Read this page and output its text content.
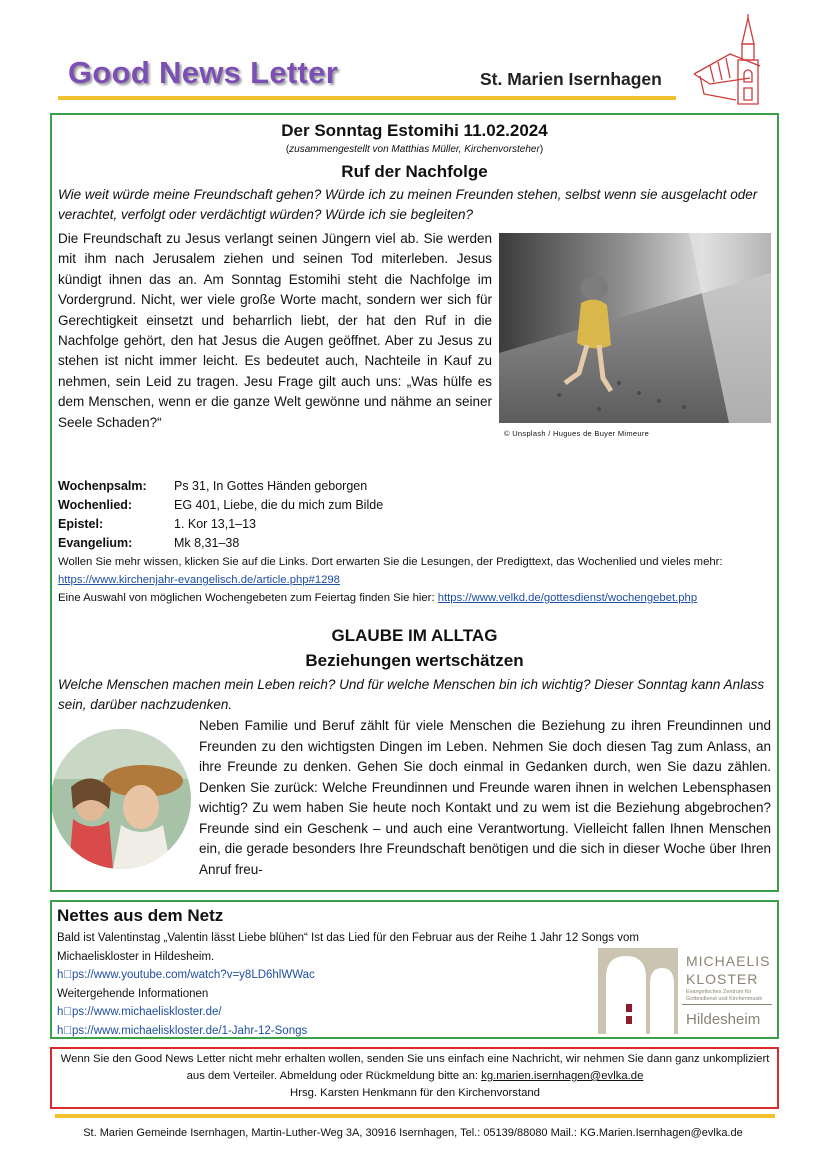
Good News Letter	St. Marien Isernhagen
Der Sonntag Estomihi 11.02.2024
(zusammengestellt von Matthias Müller, Kirchenvorsteher)
Ruf der Nachfolge
Wie weit würde meine Freundschaft gehen? Würde ich zu meinen Freunden stehen, selbst wenn sie ausgelacht oder verachtet, verfolgt oder verdächtigt würden? Würde ich sie begleiten?
Die Freundschaft zu Jesus verlangt seinen Jüngern viel ab. Sie werden mit ihm nach Jerusalem ziehen und seinen Tod miterleben. Jesus kündigt ihnen das an. Am Sonntag Estomihi steht die Nachfolge im Vordergrund. Nicht, wer viele große Worte macht, sondern wer sich für Gerechtigkeit einsetzt und beharrlich liebt, der hat den Ruf in die Nachfolge gehört, den hat Jesus die Augen geöffnet. Aber zu Jesus zu stehen ist nicht immer leicht. Es bedeutet auch, Nachteile in Kauf zu nehmen, sein Leid zu tragen. Jesu Frage gilt auch uns: „Was hülfe es dem Menschen, wenn er die ganze Welt gewönne und nähme an seiner Seele Schaden?“
© Unsplash / Hugues de Buyer Mimeure
Wochenpsalm:	Ps 31, In Gottes Händen geborgen
Wochenlied:	EG 401, Liebe, die du mich zum Bilde
Epistel:	1. Kor 13,1–13
Evangelium:	Mk 8,31–38
Wollen Sie mehr wissen, klicken Sie auf die Links. Dort erwarten Sie die Lesungen, der Predigttext, das Wochenlied und vieles mehr: https://www.kirchenjahr-evangelisch.de/article.php#1298
Eine Auswahl von möglichen Wochengebeten zum Feiertag finden Sie hier: https://www.velkd.de/gottesdienst/wochengebet.php
GLAUBE IM ALLTAG
Beziehungen wertschätzen
Welche Menschen machen mein Leben reich? Und für welche Menschen bin ich wichtig? Dieser Sonntag kann Anlass sein, darüber nachzudenken.
Neben Familie und Beruf zählt für viele Menschen die Beziehung zu ihren Freundinnen und Freunden zu den wichtigsten Dingen im Leben. Nehmen Sie doch diesen Tag zum Anlass, an ihre Freunde zu denken. Gehen Sie doch einmal in Gedanken durch, wen Sie dazu zählen. Denken Sie zurück: Welche Freundinnen und Freunde waren ihnen in welchen Lebensphasen wichtig? Zu wem haben Sie heute noch Kontakt und zu wem ist die Beziehung abgebrochen? Freunde sind ein Geschenk – und auch eine Verantwortung. Vielleicht fallen Ihnen Menschen ein, die gerade besonders Ihre Freundschaft benötigen und die sich in dieser Woche über Ihren Anruf freu-
Nettes aus dem Netz
Bald ist Valentinstag „Valentin lässt Liebe blühen“ Ist das Lied für den Februar aus der Reihe 1 Jahr 12 Songs vom Michaeliskloster in Hildesheim.
h ps://www.youtube.com/watch?v=y8LD6hlWWac
Weitergehende Informationen
h ps://www.michaeliskloster.de/
h ps://www.michaeliskloster.de/1-Jahr-12-Songs
MICHAELIS
KLOSTER
Evangelisches Zentrum für
Gottesdienst und Kirchenmusik
Hildesheim
Wenn Sie den Good News Letter nicht mehr erhalten wollen, senden Sie uns einfach eine Nachricht, wir nehmen Sie dann ganz unkompliziert aus dem Verteiler. Abmeldung oder Rückmeldung bitte an: kg.marien.isernhagen@evlka.de
Hrsg. Karsten Henkmann für den Kirchenvorstand
St. Marien Gemeinde Isernhagen, Martin-Luther-Weg 3A, 30916 Isernhagen, Tel.: 05139/88080 Mail.: KG.Marien.Isernhagen@evlka.de
